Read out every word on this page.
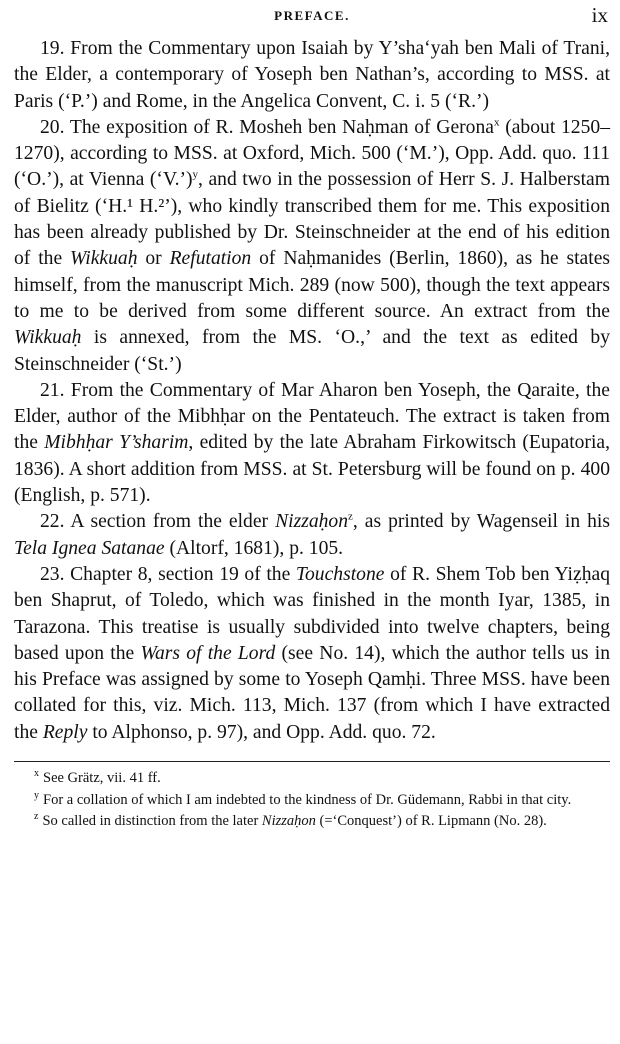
PREFACE.	ix

19. From the Commentary upon Isaiah by Y’sha‘yah ben Mali of Trani, the Elder, a contemporary of Yoseph ben Nathan’s, according to MSS. at Paris (‘P.’) and Rome, in the Angelica Convent, C. i. 5 (‘R.’)

20. The exposition of R. Mosheh ben Naḥman of Gerona$^x$ (about 1250–1270), according to MSS. at Oxford, Mich. 500 (‘M.’), Opp. Add. quo. 111 (‘O.’), at Vienna (‘V.’)$^y$, and two in the possession of Herr S. J. Halberstam of Bielitz (‘H.¹ H.²’), who kindly transcribed them for me. This exposition has been already published by Dr. Steinschneider at the end of his edition of the Wikkuaḥ or Refutation of Naḥmanides (Berlin, 1860), as he states himself, from the manuscript Mich. 289 (now 500), though the text appears to me to be derived from some different source. An extract from the Wikkuaḥ is annexed, from the MS. ‘O.,’ and the text as edited by Steinschneider (‘St.’)

21. From the Commentary of Mar Aharon ben Yoseph, the Qaraite, the Elder, author of the Mibhḥar on the Pentateuch. The extract is taken from the Mibhḥar Y’sharim, edited by the late Abraham Firkowitsch (Eupatoria, 1836). A short addition from MSS. at St. Petersburg will be found on p. 400 (English, p. 571).

22. A section from the elder Nizzaḥon$^z$, as printed by Wagenseil in his Tela Ignea Satanae (Altorf, 1681), p. 105.

23. Chapter 8, section 19 of the Touchstone of R. Shem Tob ben Yiẓḥaq ben Shaprut, of Toledo, which was finished in the month Iyar, 1385, in Tarazona. This treatise is usually subdivided into twelve chapters, being based upon the Wars of the Lord (see No. 14), which the author tells us in his Preface was assigned by some to Yoseph Qamḥi. Three MSS. have been collated for this, viz. Mich. 113, Mich. 137 (from which I have extracted the Reply to Alphonso, p. 97), and Opp. Add. quo. 72.

$^x$ See Grätz, vii. 41 ff.

$^y$ For a collation of which I am indebted to the kindness of Dr. Güdemann, Rabbi in that city.

$^z$ So called in distinction from the later Nizzaḥon (=‘Conquest’) of R. Lipmann (No. 28).
